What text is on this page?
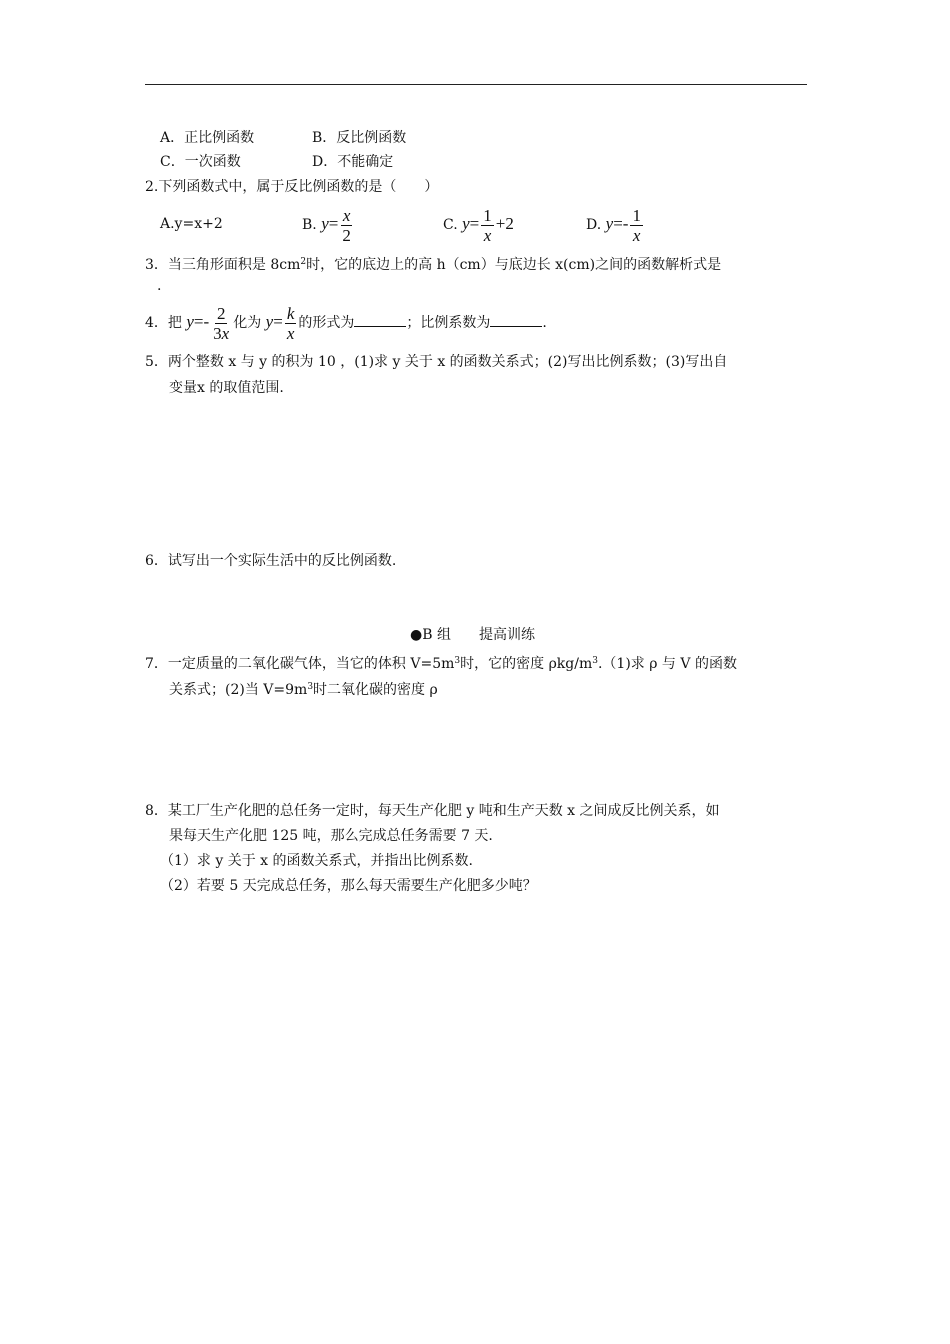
A．正比例函数	B．反比例函数
C．一次函数	D．不能确定
2.下列函数式中，属于反比例函数的是（　　）
A.y=x+2	B. $y= \frac{x}{2}$	C. $y= \frac{1}{x} +2$	D. $y=- \frac{1}{x}$
3．当三角形面积是 $8cm^2$时，它的底边上的高 h（cm）与底边长 x(cm)之间的函数解析式是
.
4．把 $y=- \frac{2}{3x}$ 化为 $y= \frac{k}{x}$ 的形式为	；比例系数为	.
5．两个整数 x 与 y 的积为 10 ，(1)求 y 关于 x 的函数关系式；(2)写出比例系数；(3)写出自
变量x 的取值范围.
6．试写出一个实际生活中的反比例函数.
●B 组　　提高训练
7．一定质量的二氧化碳气体，当它的体积 $V=5m^3$时，它的密度 ρkg/$m^3.(1)$求 ρ 与 V 的函数
关系式；(2)当 $V=9m^3$时二氧化碳的密度 ρ
8．某工厂生产化肥的总任务一定时，每天生产化肥 y 吨和生产天数 x 之间成反比例关系，如
果每天生产化肥 125 吨，那么完成总任务需要 7 天.
（1）求 y 关于 x 的函数关系式，并指出比例系数.
（2）若要 5 天完成总任务，那么每天需要生产化肥多少吨？
